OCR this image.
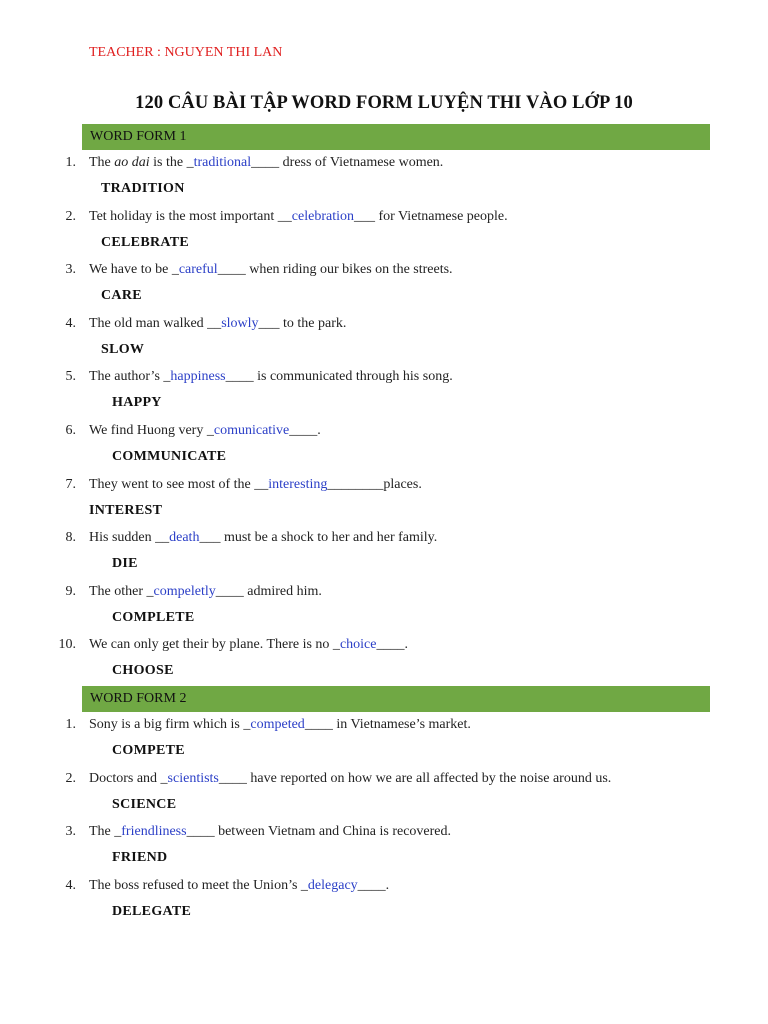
TEACHER : NGUYEN THI LAN
120 CÂU BÀI TẬP WORD FORM LUYỆN THI VÀO LỚP 10
WORD FORM 1
1. The ao dai is the _traditional____ dress of Vietnamese women.
TRADITION
2. Tet holiday is the most important __celebration___ for Vietnamese people.
CELEBRATE
3. We have to be _careful____ when riding our bikes on the streets.
CARE
4. The old man walked __slowly___ to the park.
SLOW
5. The author’s _happiness____ is communicated through his song.
HAPPY
6. We find Huong very _comunicative____.
COMMUNICATE
7. They went to see most of the __interesting________places.
INTEREST
8. His sudden __death___ must be a shock to her and her family.
DIE
9. The other _compeletly____ admired him.
COMPLETE
10. We can only get their by plane. There is no _choice____.
CHOOSE
WORD FORM 2
1. Sony is a big firm which is _competed____ in Vietnamese’s market.
COMPETE
2. Doctors and _scientists____ have reported on how we are all affected by the noise around us.
SCIENCE
3. The _friendliness____ between Vietnam and China is recovered.
FRIEND
4. The boss refused to meet the Union’s _delegacy____.
DELEGATE
